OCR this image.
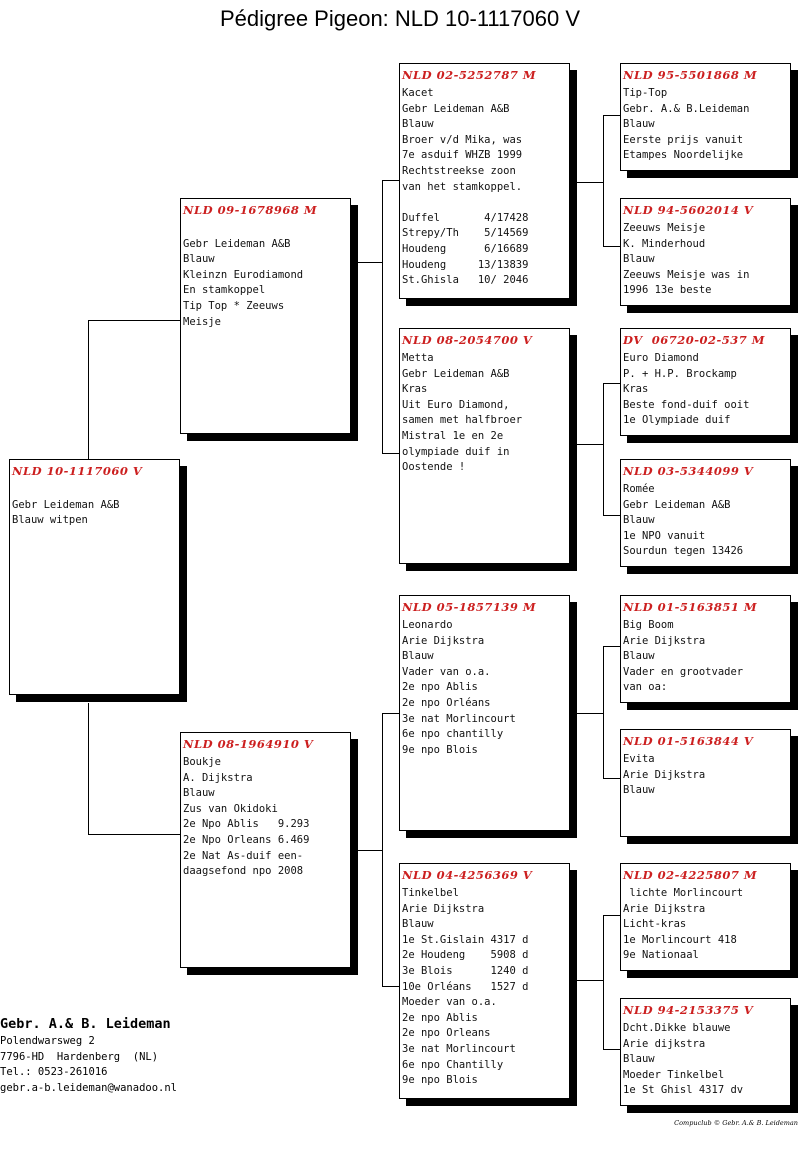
Pédigree Pigeon: NLD 10-1117060 V
NLD 10-1117060 V

Gebr Leideman A&B
Blauw witpen
NLD 09-1678968 M

Gebr Leideman A&B
Blauw
Kleinzn Eurodiamond
En stamkoppel
Tip Top * Zeeuws
Meisje
NLD 08-1964910 V
Boukje
A. Dijkstra
Blauw
Zus van Okidoki
2e Npo Ablis   9.293
2e Npo Orleans 6.469
2e Nat As-duif een-
daagsefond npo 2008
NLD 02-5252787 M
Kacet
Gebr Leideman A&B
Blauw
Broer v/d Mika, was
7e asduif WHZB 1999
Rechtstreekse zoon
van het stamkoppel.

Duffel       4/17428
Strepy/Th    5/14569
Houdeng      6/16689
Houdeng     13/13839
St.Ghisla   10/ 2046
NLD 08-2054700 V
Metta
Gebr Leideman A&B
Kras
Uit Euro Diamond,
samen met halfbroer
Mistral 1e en 2e
olympiade duif in
Oostende !
NLD 05-1857139 M
Leonardo
Arie Dijkstra
Blauw
Vader van o.a.
2e npo Ablis
2e npo Orléans
3e nat Morlincourt
6e npo chantilly
9e npo Blois
NLD 04-4256369 V
Tinkelbel
Arie Dijkstra
Blauw
1e St.Gislain 4317 d
2e Houdeng    5908 d
3e Blois      1240 d
10e Orléans   1527 d
Moeder van o.a.
2e npo Ablis
2e npo Orleans
3e nat Morlincourt
6e npo Chantilly
9e npo Blois
NLD 95-5501868 M
Tip-Top
Gebr. A.& B.Leideman
Blauw
Eerste prijs vanuit
Etampes Noordelijke
NLD 94-5602014 V
Zeeuws Meisje
K. Minderhoud
Blauw
Zeeuws Meisje was in
1996 13e beste
DV  06720-02-537 M
Euro Diamond
P. + H.P. Brockamp
Kras
Beste fond-duif ooit
1e Olympiade duif
NLD 03-5344099 V
Romée
Gebr Leideman A&B
Blauw
1e NPO vanuit
Sourdun tegen 13426
NLD 01-5163851 M
Big Boom
Arie Dijkstra
Blauw
Vader en grootvader
van oa:
NLD 01-5163844 V
Evita
Arie Dijkstra
Blauw
NLD 02-4225807 M
lichte Morlincourt
Arie Dijkstra
Licht-kras
1e Morlincourt 418
9e Nationaal
NLD 94-2153375 V
Dcht.Dikke blauwe
Arie dijkstra
Blauw
Moeder Tinkelbel
1e St Ghisl 4317 dv
Gebr. A.& B. Leideman
Polendwarsweg 2
7796-HD  Hardenberg  (NL)
Tel.: 0523-261016
gebr.a-b.leideman@wanadoo.nl
Compuclub © Gebr. A.& B. Leideman
